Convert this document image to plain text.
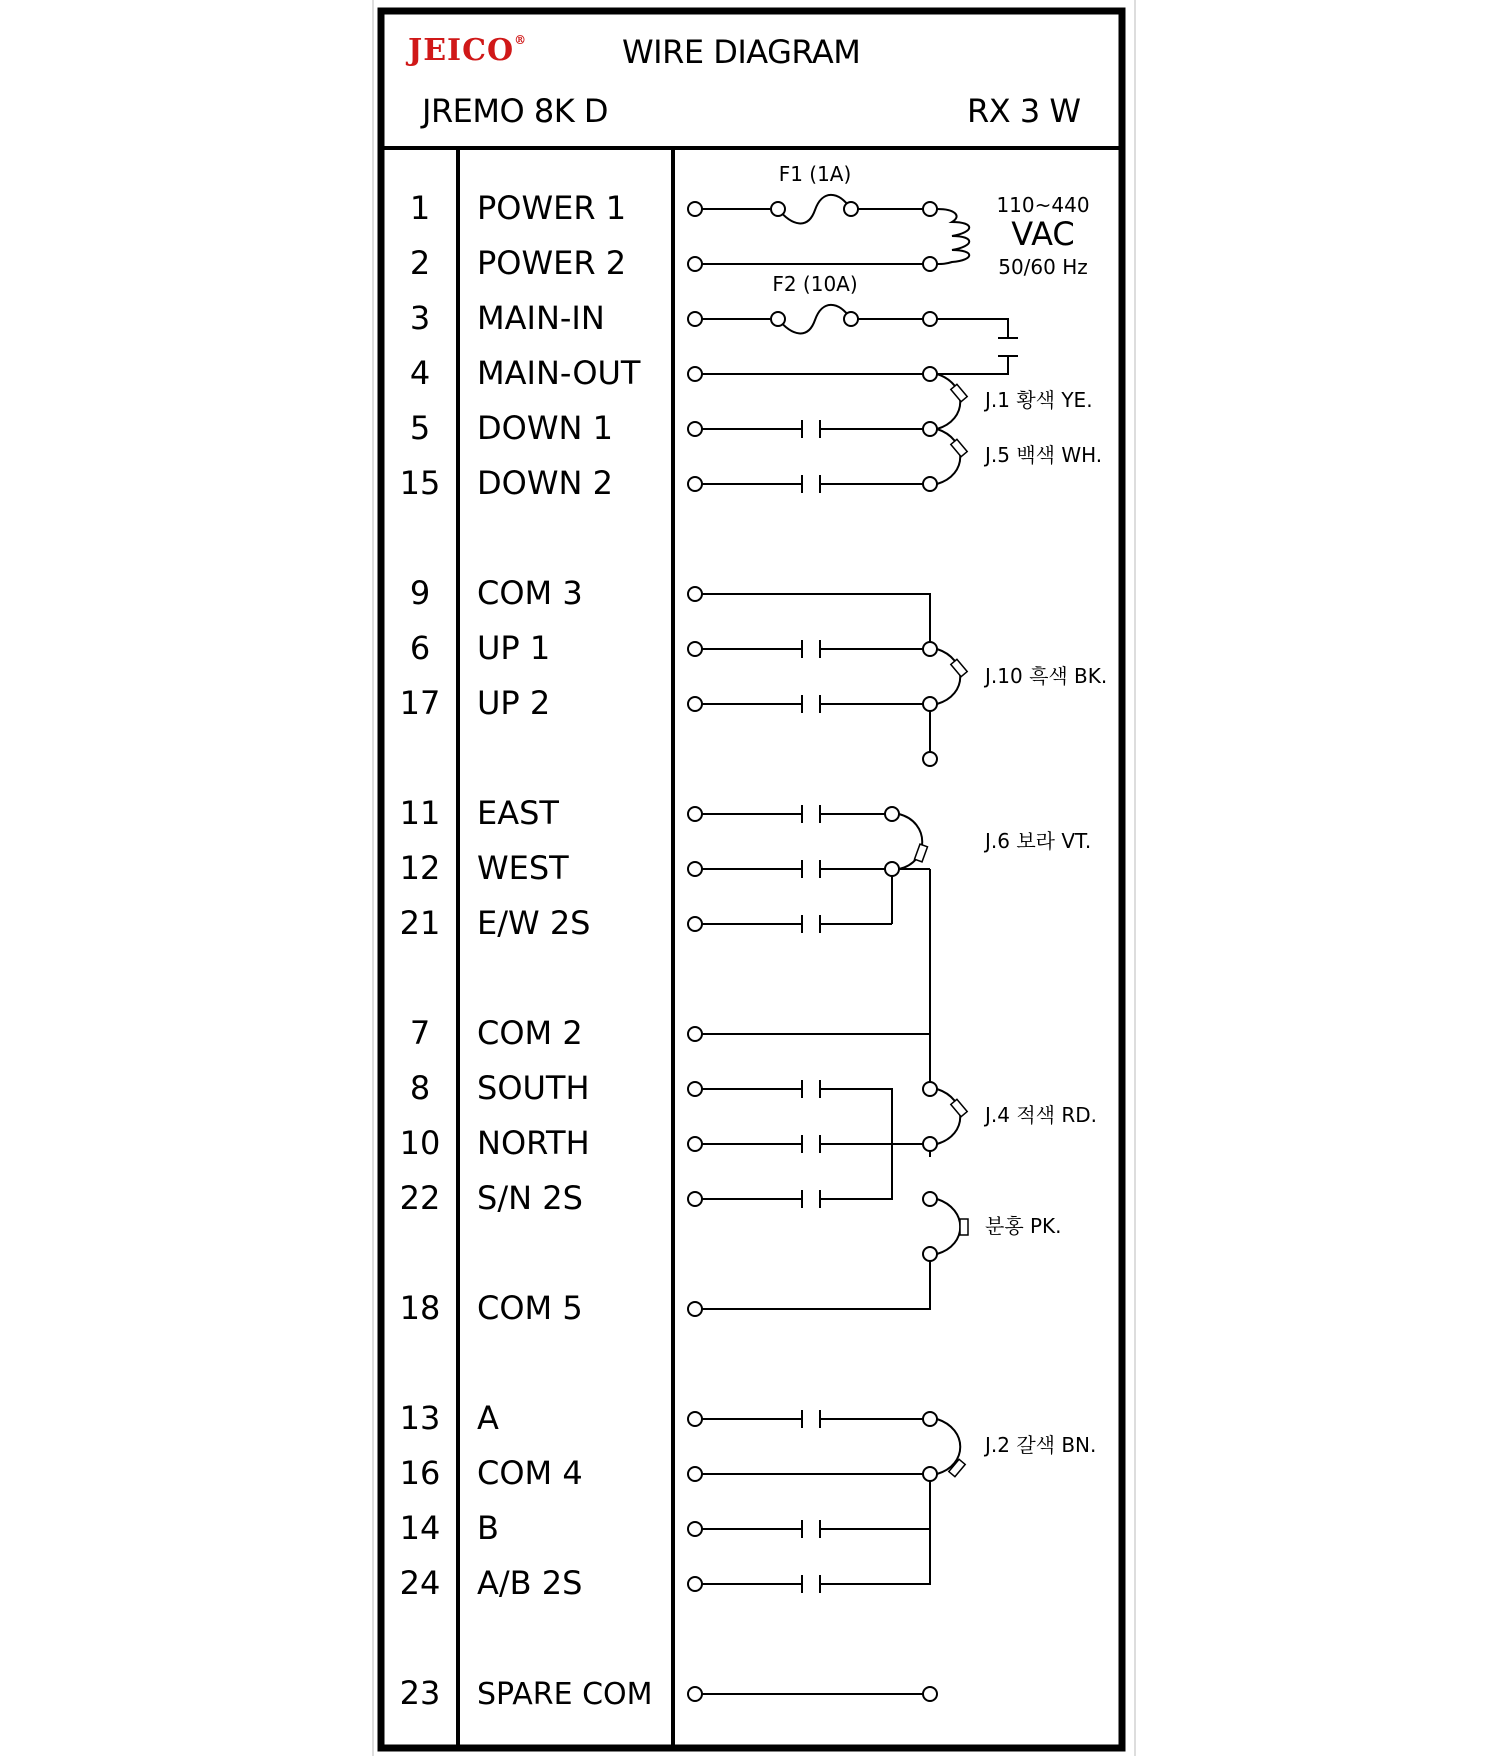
JEICO®	WIRE DIAGRAM
JREMO 8K D	RX 3 W
1
2
3
4
5
15
9
6
17
11
12
21
7
8
10
22
18
13
16
14
24
23
POWER 1
POWER 2
MAIN-IN
MAIN-OUT
DOWN 1
DOWN 2
COM 3
UP 1
UP 2
EAST
WEST
E/W 2S
COM 2
SOUTH
NORTH
S/N 2S
COM 5
A
COM 4
B
A/B 2S
SPARE COM
F1 (1A)
F2 (10A)
110~440
VAC
50/60 Hz
J.1 황색 YE.
J.5 백색 WH.
J.10 흑색 BK.
J.6 보라 VT.
J.4 적색 RD.
분홍 PK.
J.2 갈색 BN.
